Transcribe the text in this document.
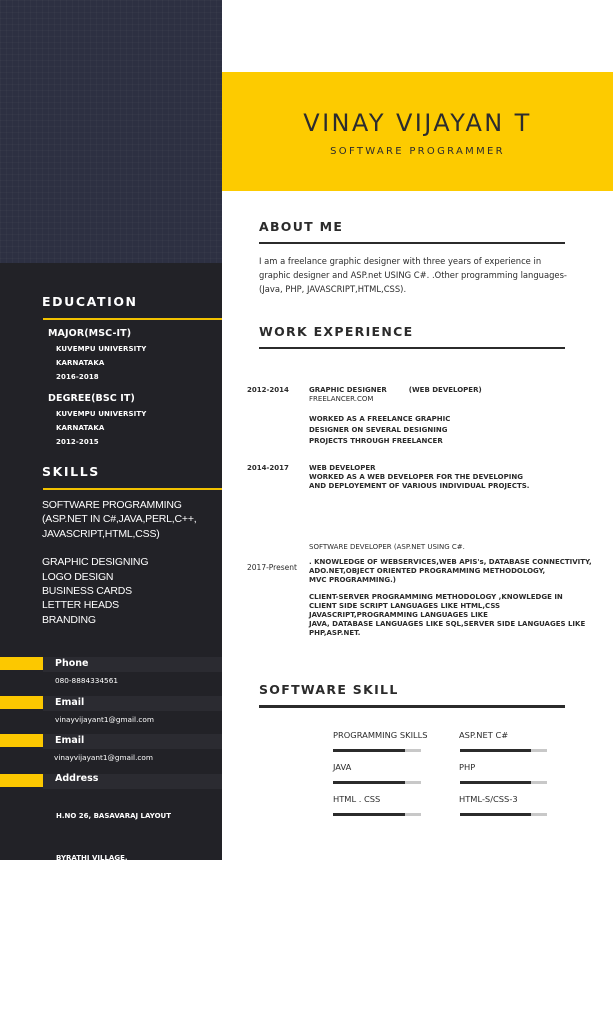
EDUCATION
MAJOR(MSC-IT)
KUVEMPU UNIVERSITY
KARNATAKA
2016-2018
DEGREE(BSC IT)
KUVEMPU UNIVERSITY
KARNATAKA
2012-2015
SKILLS
SOFTWARE PROGRAMMING
(ASP.NET IN C#,JAVA,PERL,C++,
JAVASCRIPT,HTML,CSS)
GRAPHIC DESIGNING
LOGO DESIGN
BUSINESS CARDS
LETTER HEADS
BRANDING
Phone
080-8884334561
Email
vinayvijayant1@gmail.com
Email
vinayvijayant1@gmail.com
Address

H.NO 26, BASAVARAJ LAYOUT

BYRATHI VILLAGE,

KOTHANUR,

BANGALORE  ,KARNATAKA,

560077

VINAY VIJAYAN T
SOFTWARE PROGRAMMER
ABOUT ME
I am a freelance graphic designer with three years of experience in graphic designer and ASP.net USING C#. .Other programming languages- (Java, PHP, JAVASCRIPT,HTML,CSS).
WORK EXPERIENCE
2012-2014	GRAPHIC DESIGNER	(WEB DEVELOPER)
FREELANCER.COM
WORKED AS A FREELANCE GRAPHIC
DESIGNER ON SEVERAL DESIGNING
PROJECTS THROUGH FREELANCER
2014-2017	WEB DEVELOPER
WORKED AS A WEB DEVELOPER FOR THE DEVELOPING
AND DEPLOYEMENT OF VARIOUS INDIVIDUAL PROJECTS.
2017-Present
SOFTWARE DEVELOPER (ASP.NET USING C#.
. KNOWLEDGE OF WEBSERVICES,WEB APIS's, DATABASE CONNECTIVITY,
ADO.NET,OBJECT ORIENTED PROGRAMMING METHODOLOGY,
MVC PROGRAMMING.)
CLIENT-SERVER PROGRAMMING METHODOLOGY ,KNOWLEDGE IN
CLIENT SIDE SCRIPT LANGUAGES LIKE HTML,CSS
JAVASCRIPT,PROGRAMMING LANGUAGES LIKE
JAVA, DATABASE LANGUAGES LIKE SQL,SERVER SIDE LANGUAGES LIKE
PHP,ASP.NET.
SOFTWARE SKILL
PROGRAMMING SKILLS	ASP.NET C#
JAVA	PHP
HTML . CSS	HTML-S/CSS-3
